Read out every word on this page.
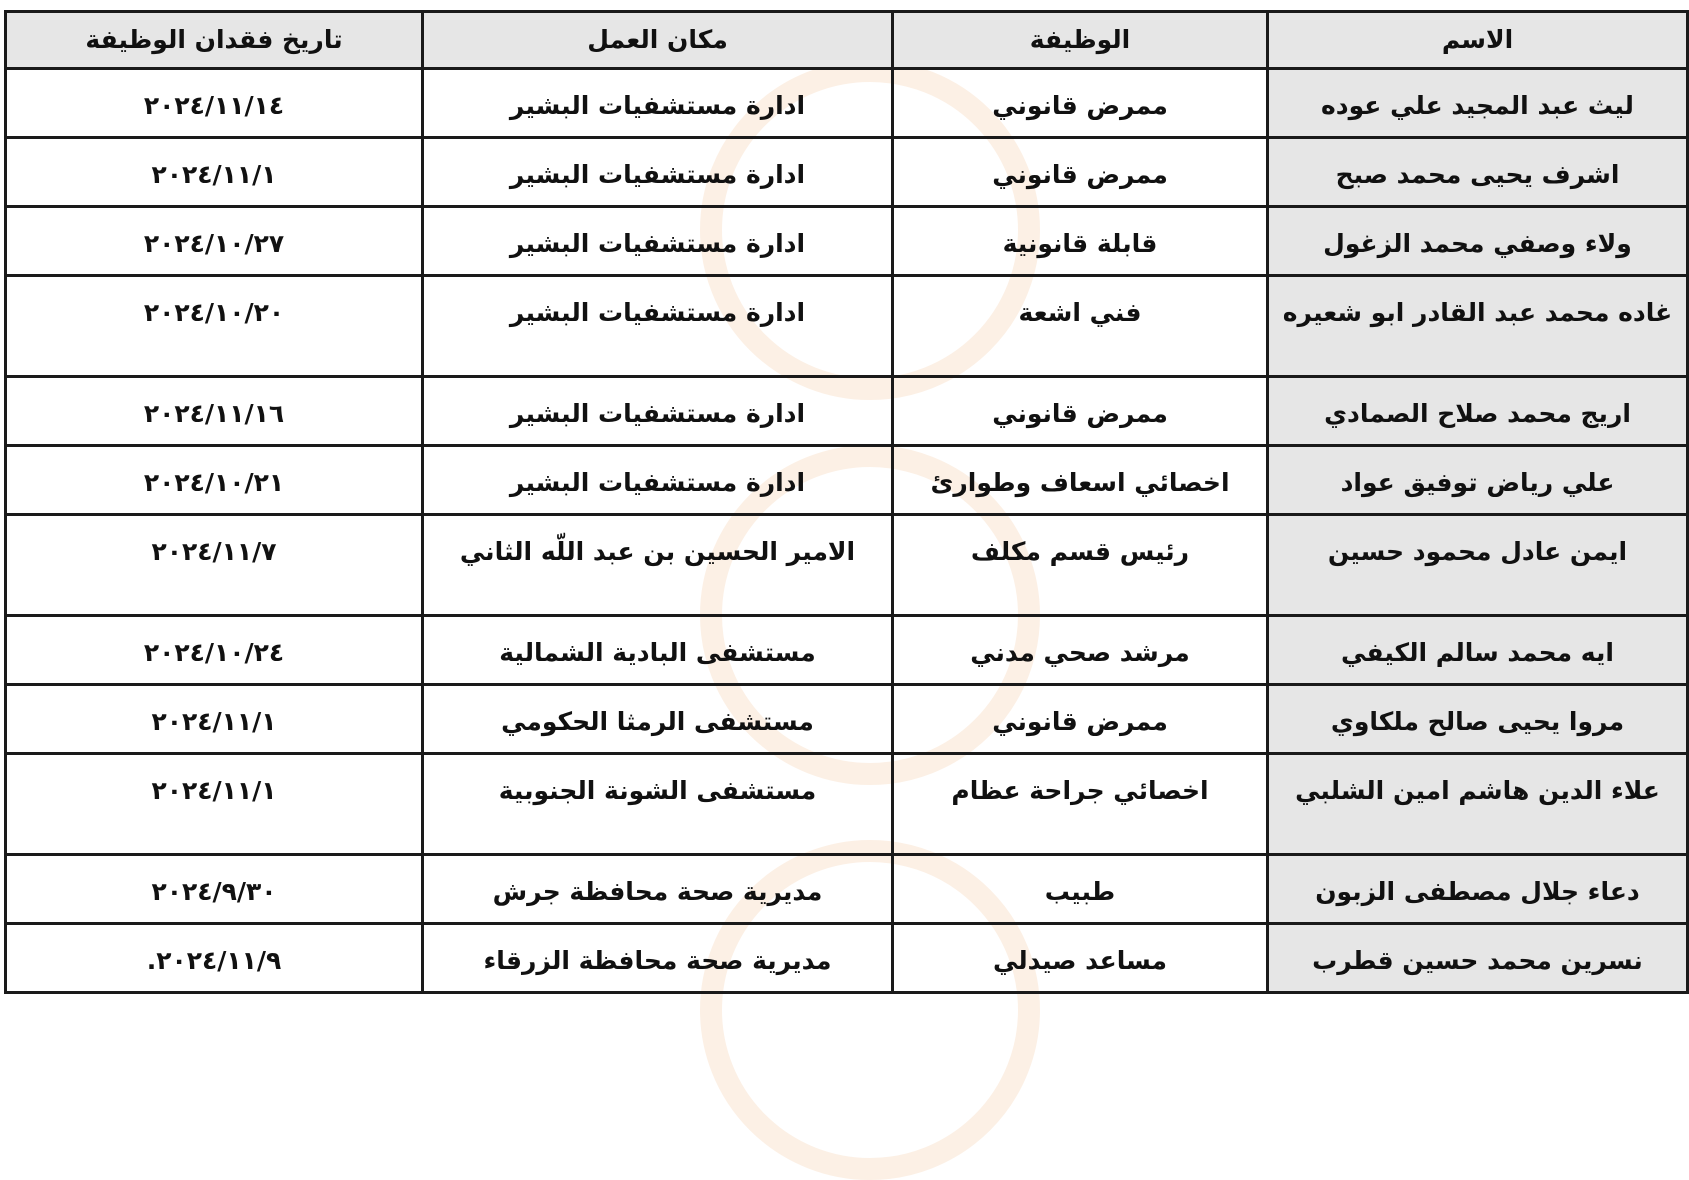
الاسم	الوظيفة	مكان العمل	تاريخ فقدان الوظيفة
ليث عبد المجيد علي عوده	ممرض قانوني	ادارة مستشفيات البشير	٢٠٢٤/١١/١٤
اشرف يحيى محمد صبح	ممرض قانوني	ادارة مستشفيات البشير	٢٠٢٤/١١/١
ولاء وصفي محمد الزغول	قابلة قانونية	ادارة مستشفيات البشير	٢٠٢٤/١٠/٢٧
غاده محمد عبد القادر ابو شعيره	فني اشعة	ادارة مستشفيات البشير	٢٠٢٤/١٠/٢٠
اريج محمد صلاح الصمادي	ممرض قانوني	ادارة مستشفيات البشير	٢٠٢٤/١١/١٦
علي رياض توفيق عواد	اخصائي اسعاف وطوارئ	ادارة مستشفيات البشير	٢٠٢٤/١٠/٢١
ايمن عادل محمود حسين	رئيس قسم مكلف	الامير الحسين بن عبد اللّه الثاني	٢٠٢٤/١١/٧
ايه محمد سالم الكيفي	مرشد صحي مدني	مستشفى البادية الشمالية	٢٠٢٤/١٠/٢٤
مروا يحيى صالح ملكاوي	ممرض قانوني	مستشفى الرمثا الحكومي	٢٠٢٤/١١/١
علاء الدين هاشم امين الشلبي	اخصائي جراحة عظام	مستشفى الشونة الجنوبية	٢٠٢٤/١١/١
دعاء جلال مصطفى الزبون	طبيب	مديرية صحة محافظة جرش	٢٠٢٤/٩/٣٠
نسرين محمد حسين قطرب	مساعد صيدلي	مديرية صحة محافظة الزرقاء	٢٠٢٤/١١/٩.
